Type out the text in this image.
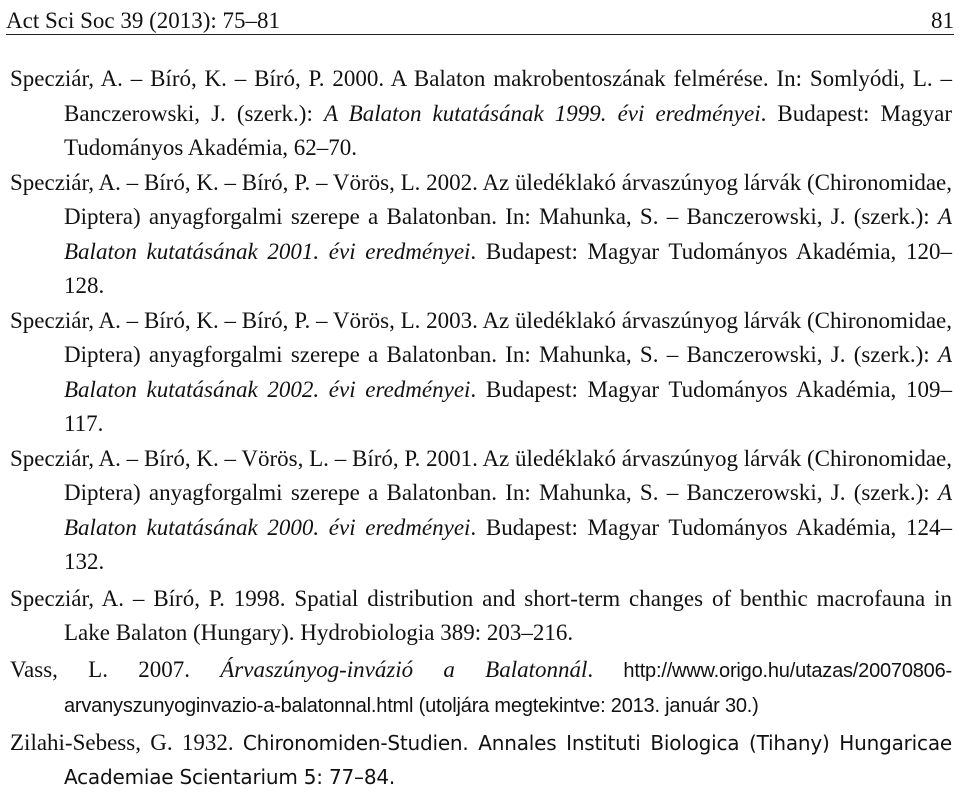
Act Sci Soc 39 (2013): 75–81	81

Specziár, A. – Bíró, K. – Bíró, P. 2000. A Balaton makrobentoszának felmérése. In: Somlyódi, L. – Banczerowski, J. (szerk.): A Balaton kutatásának 1999. évi eredményei. Budapest: Magyar Tudományos Akadémia, 62–70.

Specziár, A. – Bíró, K. – Bíró, P. – Vörös, L. 2002. Az üledéklakó árvaszúnyog lárvák (Chironomidae, Diptera) anyagforgalmi szerepe a Balatonban. In: Mahunka, S. – Banczerowski, J. (szerk.): A Balaton kutatásának 2001. évi eredményei. Budapest: Magyar Tudományos Akadémia, 120–128.

Specziár, A. – Bíró, K. – Bíró, P. – Vörös, L. 2003. Az üledéklakó árvaszúnyog lárvák (Chironomidae, Diptera) anyagforgalmi szerepe a Balatonban. In: Mahunka, S. – Banczerowski, J. (szerk.): A Balaton kutatásának 2002. évi eredményei. Budapest: Magyar Tudományos Akadémia, 109–117.

Specziár, A. – Bíró, K. – Vörös, L. – Bíró, P. 2001. Az üledéklakó árvaszúnyog lárvák (Chironomidae, Diptera) anyagforgalmi szerepe a Balatonban. In: Mahunka, S. – Banczerowski, J. (szerk.): A Balaton kutatásának 2000. évi eredményei. Budapest: Magyar Tudományos Akadémia, 124–132.

Specziár, A. – Bíró, P. 1998. Spatial distribution and short-term changes of benthic macrofauna in Lake Balaton (Hungary). Hydrobiologia 389: 203–216.

Vass, L. 2007. Árvaszúnyog-invázió a Balatonnál. http://www.origo.hu/utazas/20070806-arvanyszunyoginvazio-a-balatonnal.html (utoljára megtekintve: 2013. január 30.)

Zilahi-Sebess, G. 1932. Chironomiden-Studien. Annales Instituti Biologica (Tihany) Hungaricae Academiae Scientarium 5: 77–84.
